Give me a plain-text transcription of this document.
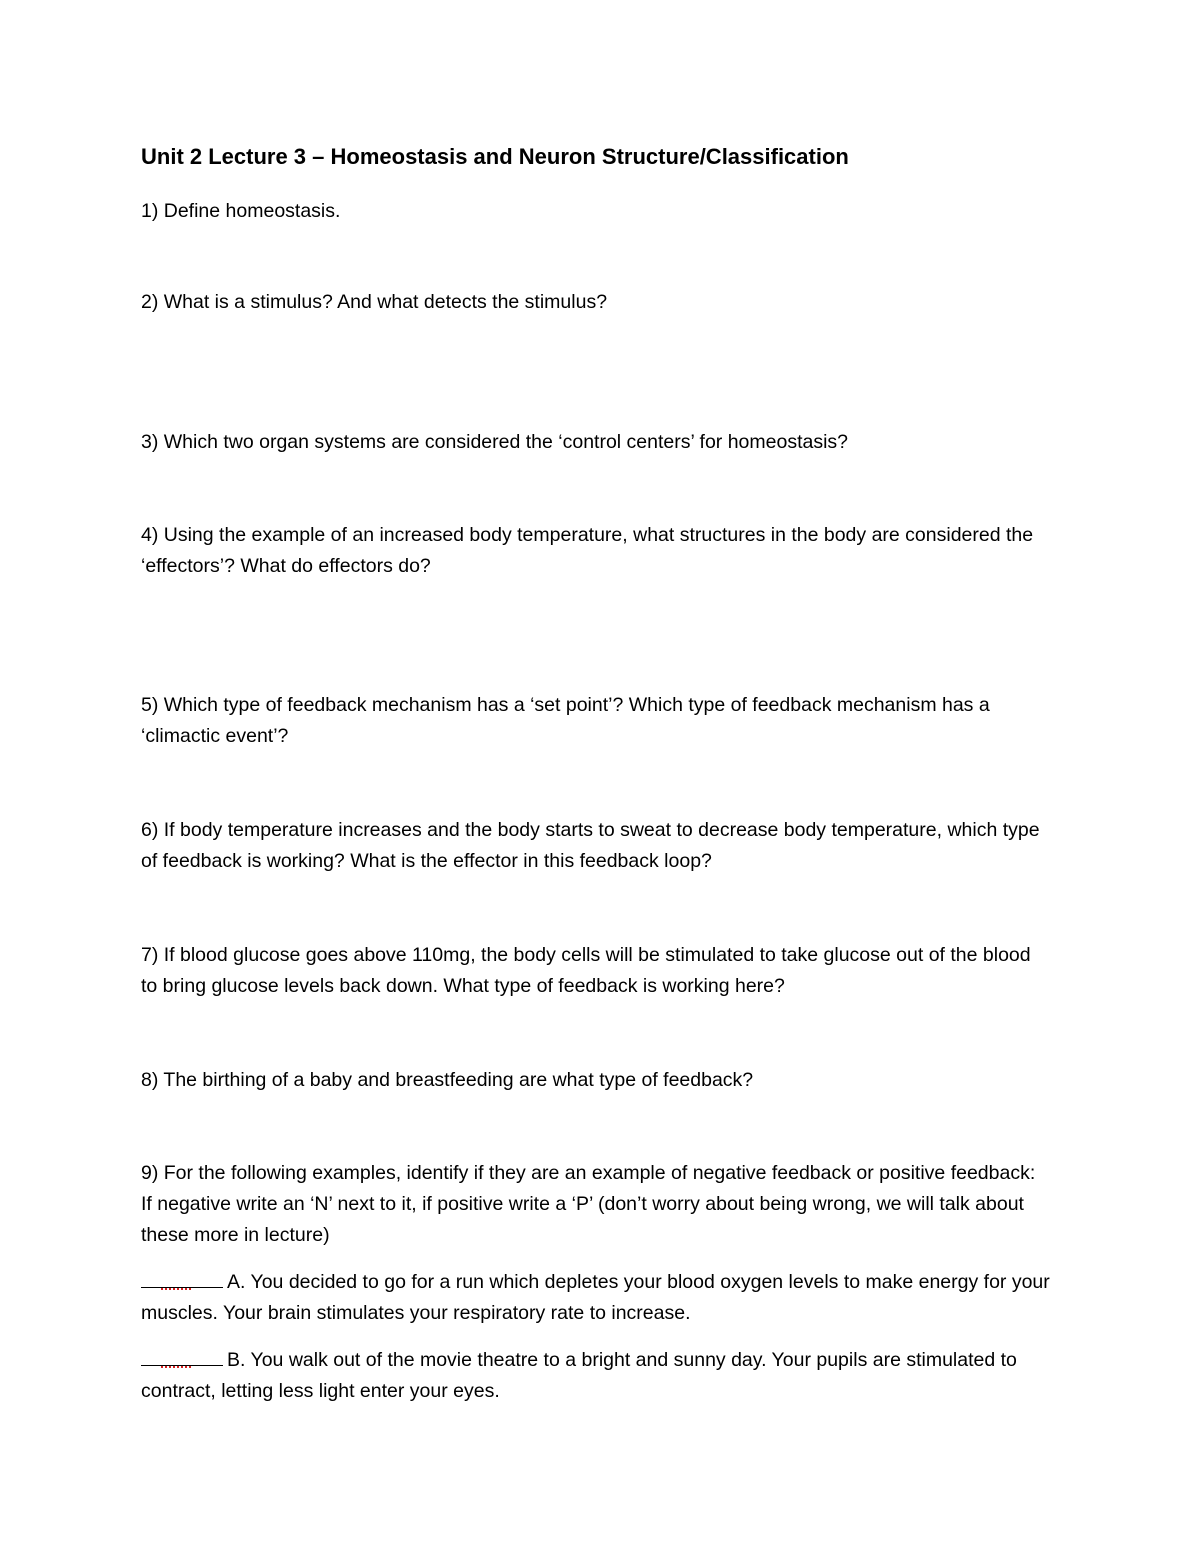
Unit 2 Lecture 3 – Homeostasis and Neuron Structure/Classification
1) Define homeostasis.
2) What is a stimulus? And what detects the stimulus?
3) Which two organ systems are considered the ‘control centers’ for homeostasis?
4) Using the example of an increased body temperature, what structures in the body are considered the ‘effectors’? What do effectors do?
5) Which type of feedback mechanism has a ‘set point’? Which type of feedback mechanism has a ‘climactic event’?
6) If body temperature increases and the body starts to sweat to decrease body temperature, which type of feedback is working? What is the effector in this feedback loop?
7) If blood glucose goes above 110mg, the body cells will be stimulated to take glucose out of the blood to bring glucose levels back down. What type of feedback is working here?
8) The birthing of a baby and breastfeeding are what type of feedback?
9) For the following examples, identify if they are an example of negative feedback or positive feedback: If negative write an ‘N’ next to it, if positive write a ‘P’ (don’t worry about being wrong, we will talk about these more in lecture)
A. You decided to go for a run which depletes your blood oxygen levels to make energy for your muscles. Your brain stimulates your respiratory rate to increase.
B. You walk out of the movie theatre to a bright and sunny day. Your pupils are stimulated to contract, letting less light enter your eyes.
